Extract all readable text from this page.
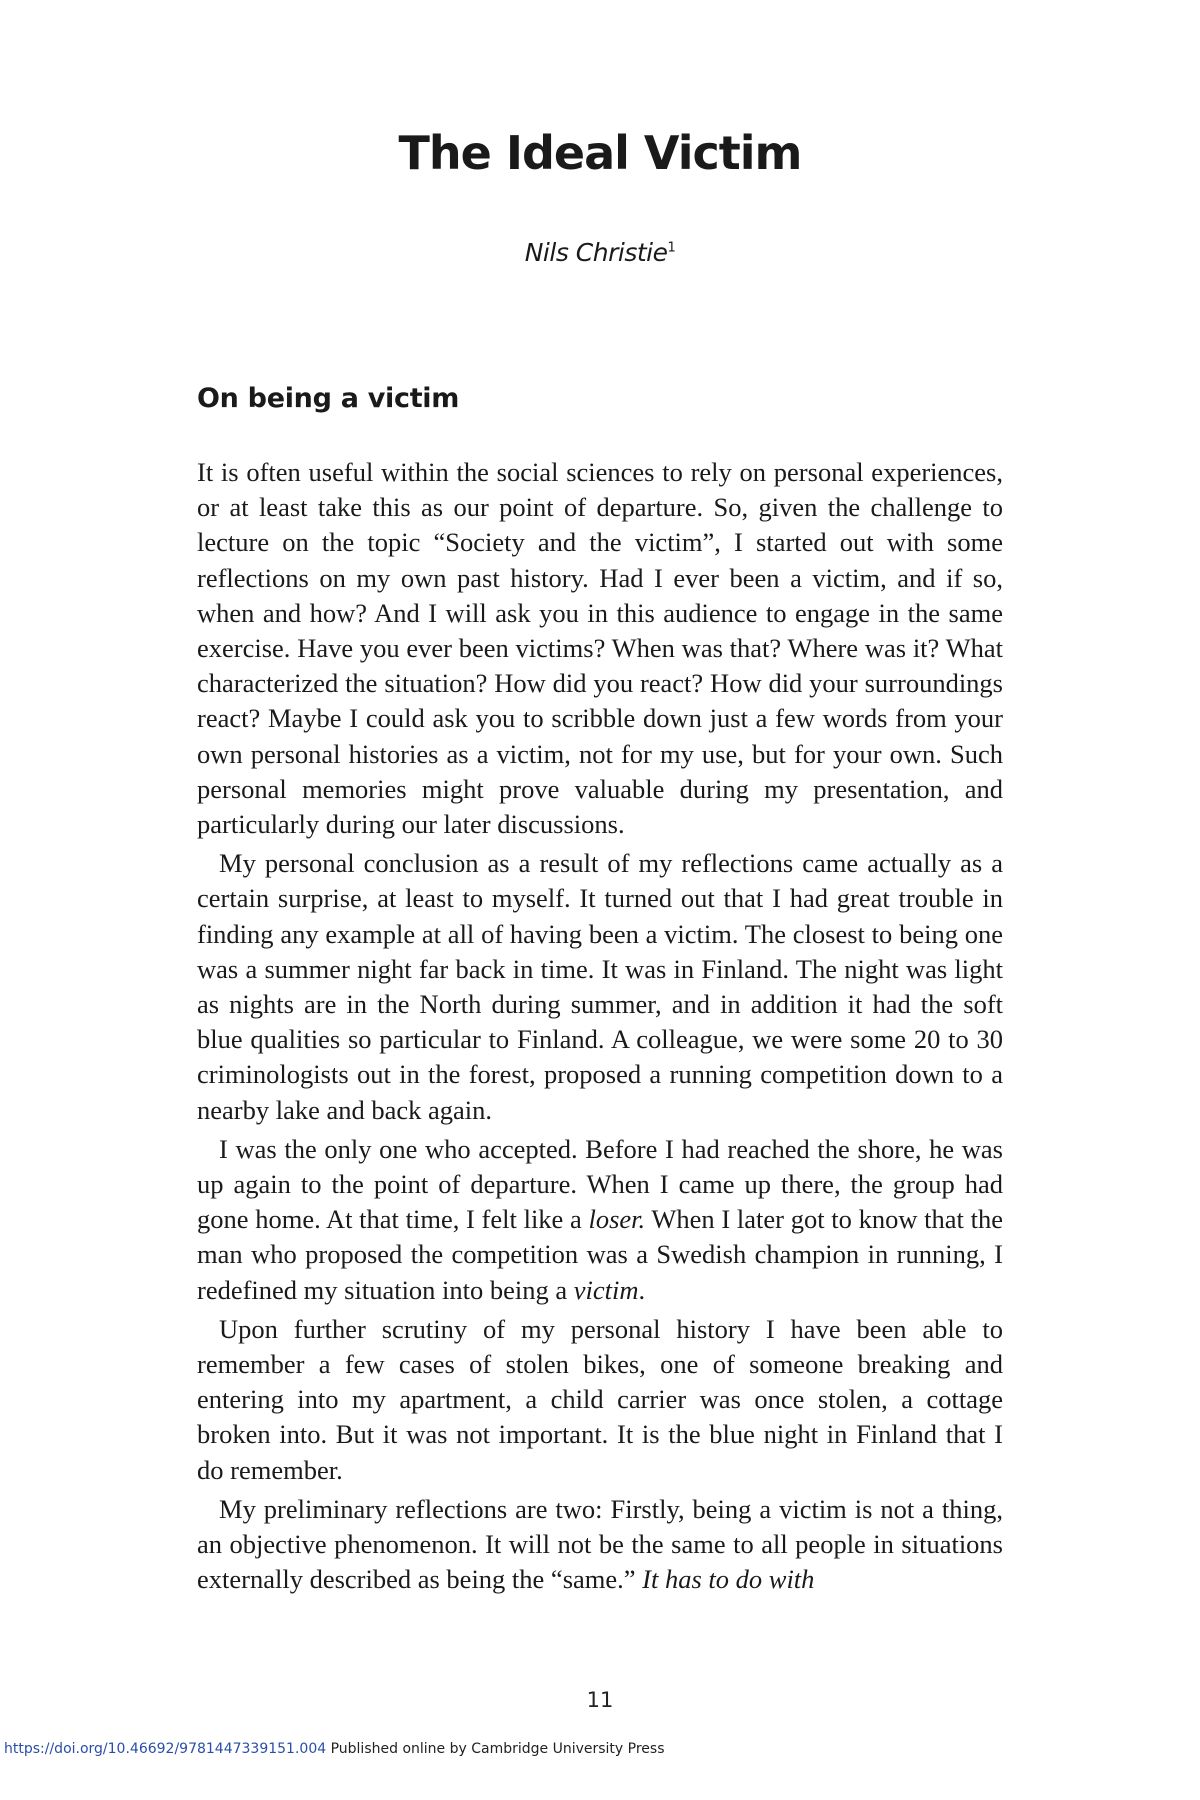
The Ideal Victim
Nils Christie$^1$
On being a victim

It is often useful within the social sciences to rely on personal experiences, or at least take this as our point of departure. So, given the challenge to lecture on the topic “Society and the victim”, I started out with some reflections on my own past history. Had I ever been a victim, and if so, when and how? And I will ask you in this audience to engage in the same exercise. Have you ever been victims? When was that? Where was it? What characterized the situation? How did you react? How did your surroundings react? Maybe I could ask you to scribble down just a few words from your own personal histories as a victim, not for my use, but for your own. Such personal memories might prove valuable during my presentation, and particularly during our later discussions.

My personal conclusion as a result of my reflections came actually as a certain surprise, at least to myself. It turned out that I had great trouble in finding any example at all of having been a victim. The closest to being one was a summer night far back in time. It was in Finland. The night was light as nights are in the North during summer, and in addition it had the soft blue qualities so particular to Finland. A colleague, we were some 20 to 30 criminologists out in the forest, proposed a running competition down to a nearby lake and back again.

I was the only one who accepted. Before I had reached the shore, he was up again to the point of departure. When I came up there, the group had gone home. At that time, I felt like a loser. When I later got to know that the man who proposed the competition was a Swedish champion in running, I redefined my situation into being a victim.

Upon further scrutiny of my personal history I have been able to remember a few cases of stolen bikes, one of someone breaking and entering into my apartment, a child carrier was once stolen, a cottage broken into. But it was not important. It is the blue night in Finland that I do remember.

My preliminary reflections are two: Firstly, being a victim is not a thing, an objective phenomenon. It will not be the same to all people in situations externally described as being the “same.” It has to do with

11
https://doi.org/10.46692/9781447339151.004 Published online by Cambridge University Press
